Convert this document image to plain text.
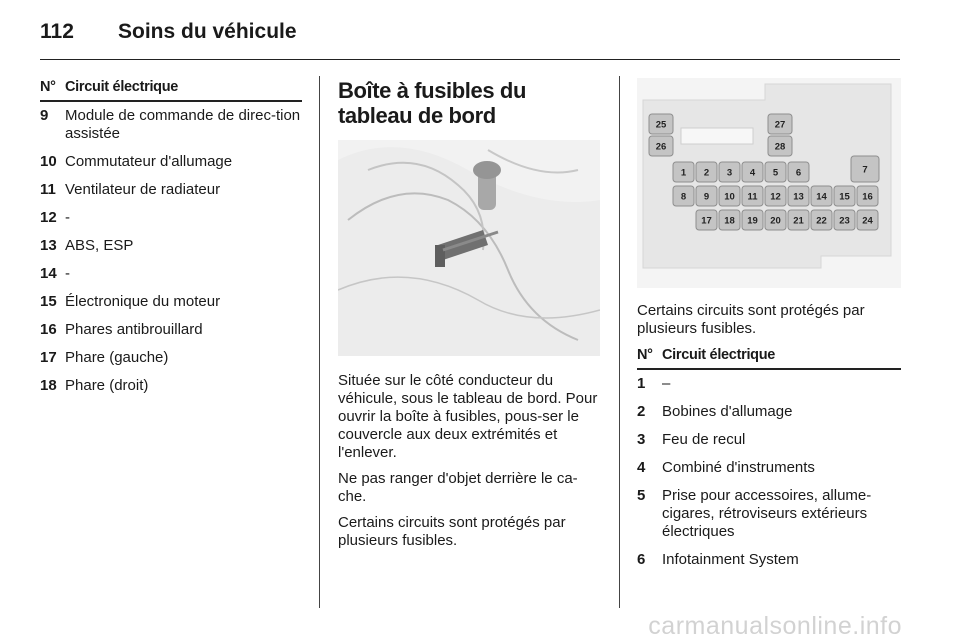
112 Soins du véhicule
N° Circuit électrique
9	Module de commande de direc-tion assistée
10 Commutateur d'allumage
11 Ventilateur de radiateur
12 -
13 ABS, ESP
14 -
15 Électronique du moteur
16 Phares antibrouillard
17 Phare (gauche)
18 Phare (droit)
Boîte à fusibles du tableau de bord

Située sur le côté conducteur du véhicule, sous le tableau de bord. Pour ouvrir la boîte à fusibles, pous-ser le couvercle aux deux extrémités et l'enlever.

Ne pas ranger d'objet derrière le ca-che.

Certains circuits sont protégés par plusieurs fusibles.

25
26
27
28
1 2 3 4 5 6	7
8 9 10 11 12 13 14 15 16
17 18 19 20 21 22 23 24

Certains circuits sont protégés par plusieurs fusibles.

N° Circuit électrique
1	–
2	Bobines d'allumage
3	Feu de recul
4	Combiné d'instruments
5	Prise pour accessoires, allume-cigares, rétroviseurs extérieurs électriques
6	Infotainment System
carmanualsonline.info
